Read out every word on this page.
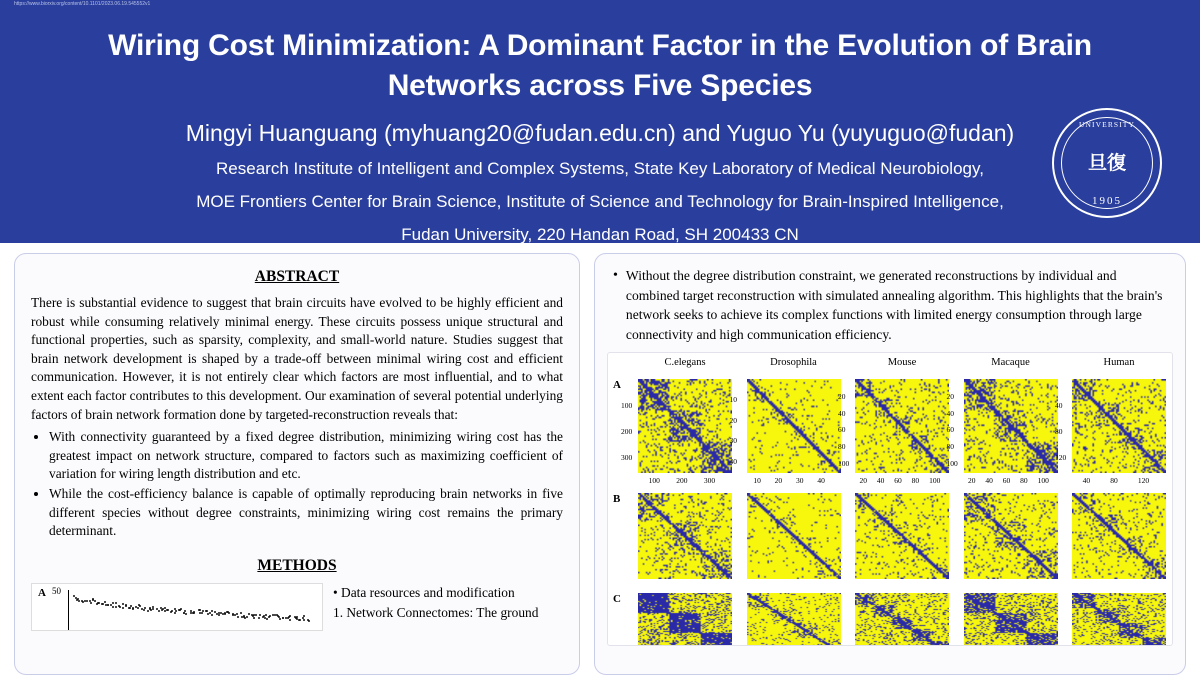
https://www.biorxiv.org/content/10.1101/2023.06.19.545552v1
Wiring Cost Minimization: A Dominant Factor in the Evolution of Brain Networks across Five Species
Mingyi Huanguang (myhuang20@fudan.edu.cn) and Yuguo Yu (yuyuguo@fudan)
Research Institute of Intelligent and Complex Systems, State Key Laboratory of Medical Neurobiology,
MOE Frontiers Center for Brain Science, Institute of Science and Technology for Brain-Inspired Intelligence,
Fudan University, 220 Handan Road, SH 200433 CN
UNIVERSITY
旦復
1905
ABSTRACT

There is substantial evidence to suggest that brain circuits have evolved to be highly efficient and robust while consuming relatively minimal energy. These circuits possess unique structural and functional properties, such as sparsity, complexity, and small-world nature. Studies suggest that brain network development is shaped by a trade-off between minimal wiring cost and efficient communication. However, it is not entirely clear which factors are most influential, and to what extent each factor contributes to this development. Our examination of several potential underlying factors of brain network formation done by targeted-reconstruction reveals that:

• With connectivity guaranteed by a fixed degree distribution, minimizing wiring cost has the greatest impact on network structure, compared to factors such as maximizing coefficient of variation for wiring length distribution and etc.
• While the cost-efficiency balance is capable of optimally reproducing brain networks in five different species without degree constraints, minimizing wiring cost remains the primary determinant.
METHODS
A 50	• Data resources and modification
1. Network Connectomes: The ground
• Without the degree distribution constraint, we generated reconstructions by individual and combined target reconstruction with simulated annealing algorithm. This highlights that the brain's network seeks to achieve its complex functions with limited energy consumption through large connectivity and high communication efficiency.
C.elegans	Drosophila	Mouse	Macaque	Human
A
B
C
100
200
300
100 200 300
10
20
30
40
10 20 30 40
20
40
60
80
100
20 40 60 80 100
20
40
60
80
100
20 40 60 80 100
40
80
120
40	80	120
